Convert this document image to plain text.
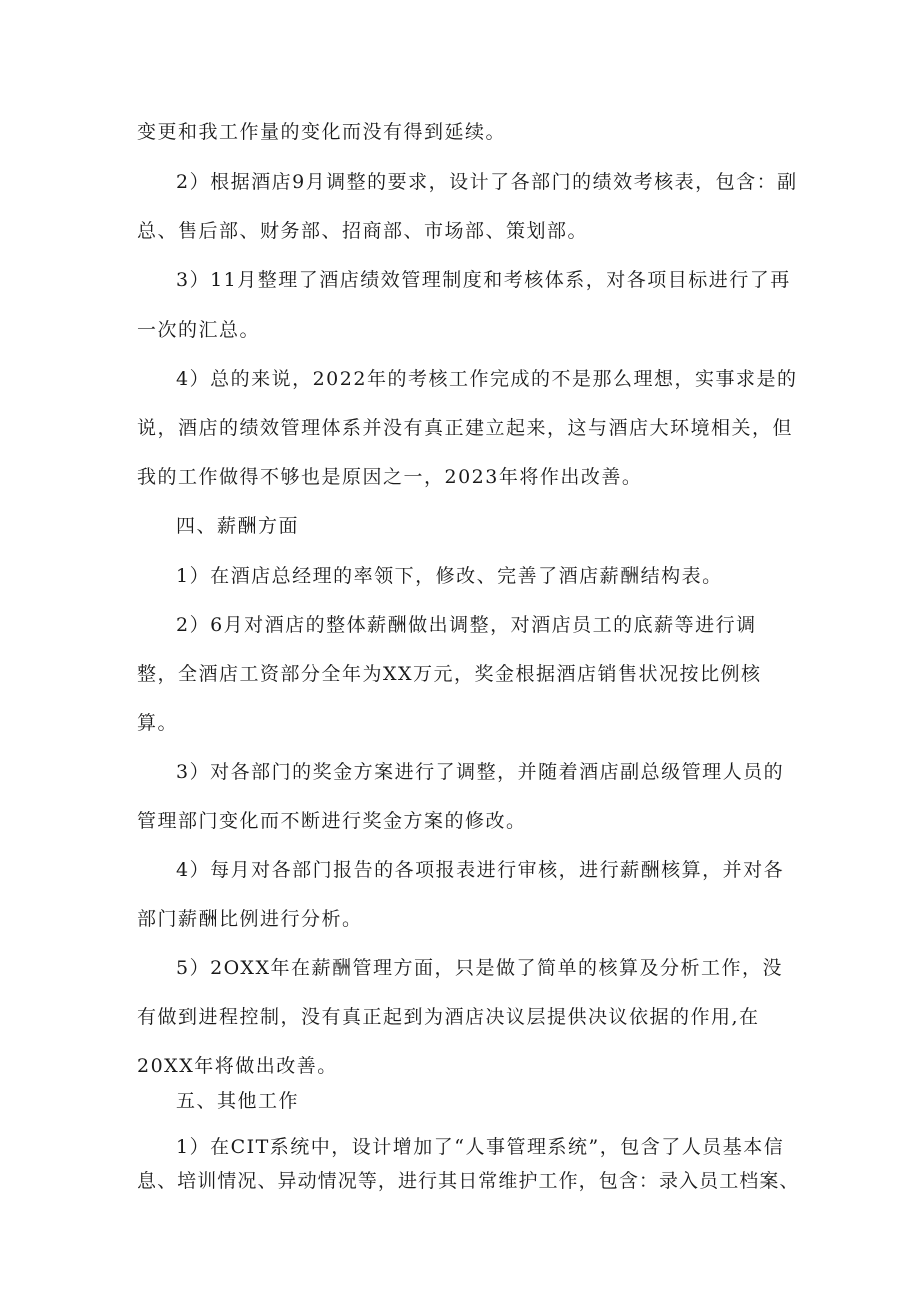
变更和我工作量的变化而没有得到延续。

2）根据酒店9月调整的要求，设计了各部门的绩效考核表，包含：副

总、售后部、财务部、招商部、市场部、策划部。

3）11月整理了酒店绩效管理制度和考核体系，对各项目标进行了再

一次的汇总。

4）总的来说，2022年的考核工作完成的不是那么理想，实事求是的

说，酒店的绩效管理体系并没有真正建立起来，这与酒店大环境相关，但

我的工作做得不够也是原因之一，2023年将作出改善。

四、薪酬方面

1）在酒店总经理的率领下，修改、完善了酒店薪酬结构表。

2）6月对酒店的整体薪酬做出调整，对酒店员工的底薪等进行调

整，全酒店工资部分全年为XX万元，奖金根据酒店销售状况按比例核

算。

3）对各部门的奖金方案进行了调整，并随着酒店副总级管理人员的

管理部门变化而不断进行奖金方案的修改。

4）每月对各部门报告的各项报表进行审核，进行薪酬核算，并对各

部门薪酬比例进行分析。

5）2OXX年在薪酬管理方面，只是做了简单的核算及分析工作，没

有做到进程控制，没有真正起到为酒店决议层提供决议依据的作用,在

20XX年将做出改善。

五、其他工作

1）在CIT系统中，设计增加了“人事管理系统”，包含了人员基本信

息、培训情况、异动情况等，进行其日常维护工作，包含：录入员工档案、
